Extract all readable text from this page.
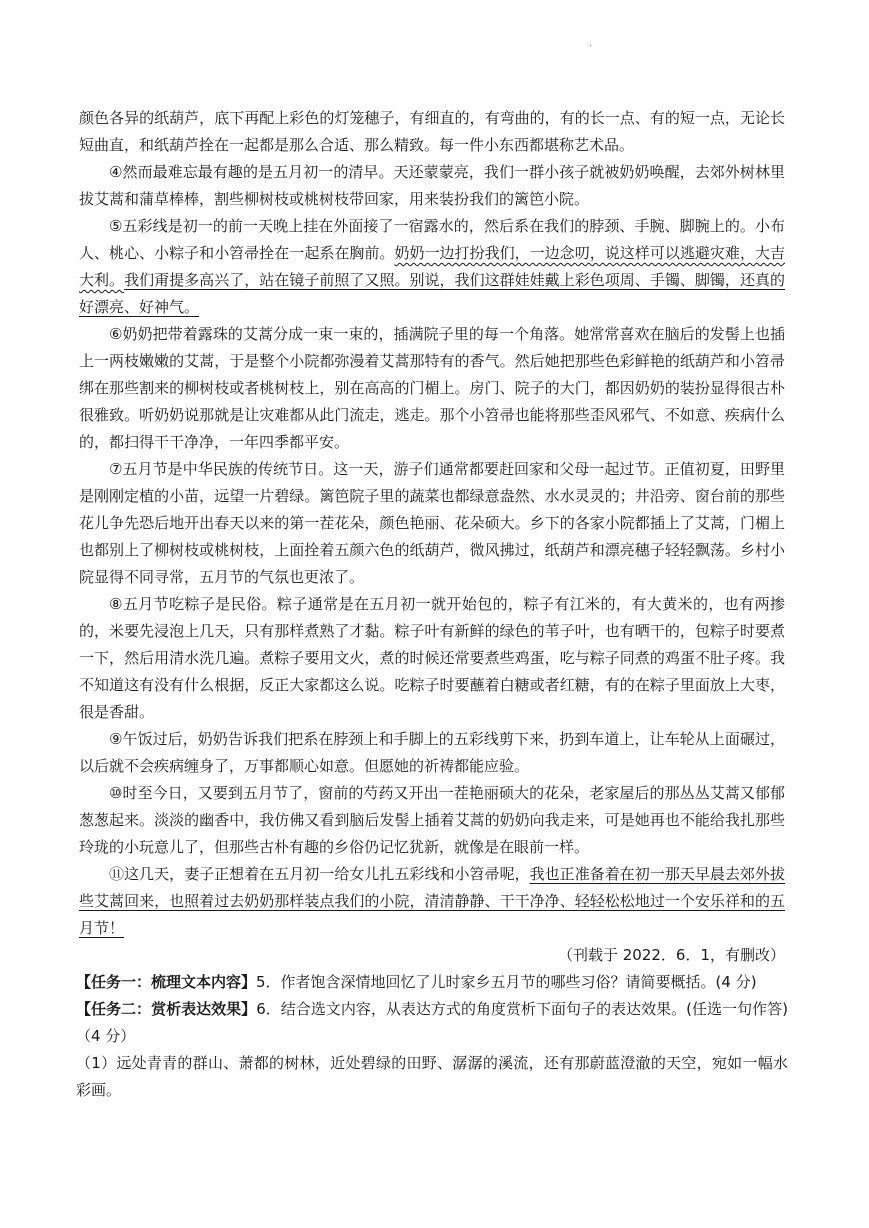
.

颜色各异的纸葫芦，底下再配上彩色的灯笼穗子，有细直的，有弯曲的，有的长一点、有的短一点，无论长短曲直，和纸葫芦拴在一起都是那么合适、那么精致。每一件小东西都堪称艺术品。

④然而最难忘最有趣的是五月初一的清早。天还蒙蒙亮，我们一群小孩子就被奶奶唤醒，去郊外树林里拔艾蒿和蒲草棒棒，割些柳树枝或桃树枝带回家，用来装扮我们的篱笆小院。

⑤五彩线是初一的前一天晚上挂在外面接了一宿露水的，然后系在我们的脖颈、手腕、脚腕上的。小布人、桃心、小粽子和小笤帚拴在一起系在胸前。奶奶一边打扮我们，一边念叨，说这样可以逃避灾难，大吉大利。我们甭提多高兴了，站在镜子前照了又照。别说，我们这群娃娃戴上彩色项周、手镯、脚镯，还真的好漂亮、好神气。

⑥奶奶把带着露珠的艾蒿分成一束一束的，插满院子里的每一个角落。她常常喜欢在脑后的发髻上也插上一两枝嫩嫩的艾蒿，于是整个小院都弥漫着艾蒿那特有的香气。然后她把那些色彩鲜艳的纸葫芦和小笤帚绑在那些割来的柳树枝或者桃树枝上，别在高高的门楣上。房门、院子的大门，都因奶奶的装扮显得很古朴很雅致。听奶奶说那就是让灾难都从此门流走，逃走。那个小笤帚也能将那些歪风邪气、不如意、疾病什么的，都扫得干干净净，一年四季都平安。

⑦五月节是中华民族的传统节日。这一天，游子们通常都要赶回家和父母一起过节。正值初夏，田野里是刚刚定植的小苗，远望一片碧绿。篱笆院子里的蔬菜也都绿意盎然、水水灵灵的；井沿旁、窗台前的那些花儿争先恐后地开出春天以来的第一茬花朵，颜色艳丽、花朵硕大。乡下的各家小院都插上了艾蒿，门楣上也都别上了柳树枝或桃树枝，上面拴着五颜六色的纸葫芦，微风拂过，纸葫芦和漂亮穗子轻轻飘荡。乡村小院显得不同寻常，五月节的气氛也更浓了。

⑧五月节吃粽子是民俗。粽子通常是在五月初一就开始包的，粽子有江米的，有大黄米的，也有两掺的，米要先浸泡上几天，只有那样煮熟了才黏。粽子叶有新鲜的绿色的苇子叶，也有晒干的，包粽子时要煮一下，然后用清水洗几遍。煮粽子要用文火，煮的时候还常要煮些鸡蛋，吃与粽子同煮的鸡蛋不肚子疼。我不知道这有没有什么根据，反正大家都这么说。吃粽子时要蘸着白糖或者红糖，有的在粽子里面放上大枣，很是香甜。

⑨午饭过后，奶奶告诉我们把系在脖颈上和手脚上的五彩线剪下来，扔到车道上，让车轮从上面碾过，以后就不会疾病缠身了，万事都顺心如意。但愿她的祈祷都能应验。

⑩时至今日，又要到五月节了，窗前的芍药又开出一茬艳丽硕大的花朵，老家屋后的那丛丛艾蒿又郁郁葱葱起来。淡淡的幽香中，我仿佛又看到脑后发髻上插着艾蒿的奶奶向我走来，可是她再也不能给我扎那些玲珑的小玩意儿了，但那些古朴有趣的乡俗仍记忆犹新，就像是在眼前一样。

⑪这几天，妻子正想着在五月初一给女儿扎五彩线和小笤帚呢，我也正准备着在初一那天早晨去郊外拔些艾蒿回来，也照着过去奶奶那样装点我们的小院，清清静静、干干净净、轻轻松松地过一个安乐祥和的五月节！

（刊载于 2022．6．1，有删改）

【任务一：梳理文本内容】5．作者饱含深情地回忆了儿时家乡五月节的哪些习俗？请简要概括。(4 分)

【任务二：赏析表达效果】6．结合选文内容，从表达方式的角度赏析下面句子的表达效果。(任选一句作答)（4 分）

（1）远处青青的群山、萧都的树林，近处碧绿的田野、潺潺的溪流，还有那蔚蓝澄澈的天空，宛如一幅水彩画。
